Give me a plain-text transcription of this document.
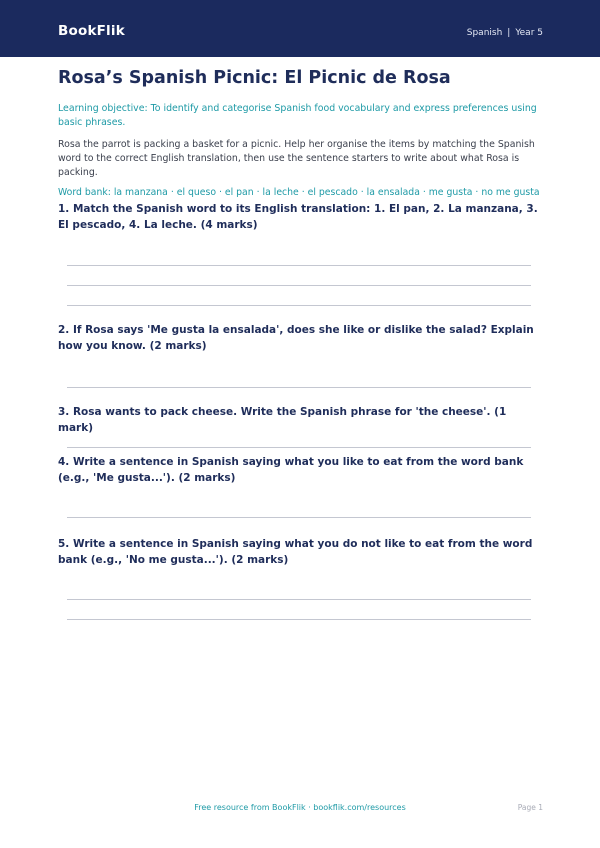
BookFlik	Spanish | Year 5
Rosa’s Spanish Picnic: El Picnic de Rosa
Learning objective: To identify and categorise Spanish food vocabulary and express preferences using basic phrases.
Rosa the parrot is packing a basket for a picnic. Help her organise the items by matching the Spanish word to the correct English translation, then use the sentence starters to write about what Rosa is packing.
Word bank: la manzana · el queso · el pan · la leche · el pescado · la ensalada · me gusta · no me gusta
1. Match the Spanish word to its English translation: 1. El pan, 2. La manzana, 3. El pescado, 4. La leche. (4 marks)
2. If Rosa says 'Me gusta la ensalada', does she like or dislike the salad? Explain how you know. (2 marks)
3. Rosa wants to pack cheese. Write the Spanish phrase for 'the cheese'. (1 mark)
4. Write a sentence in Spanish saying what you like to eat from the word bank (e.g., 'Me gusta...'). (2 marks)
5. Write a sentence in Spanish saying what you do not like to eat from the word bank (e.g., 'No me gusta...'). (2 marks)
Free resource from BookFlik · bookflik.com/resources	Page 1
